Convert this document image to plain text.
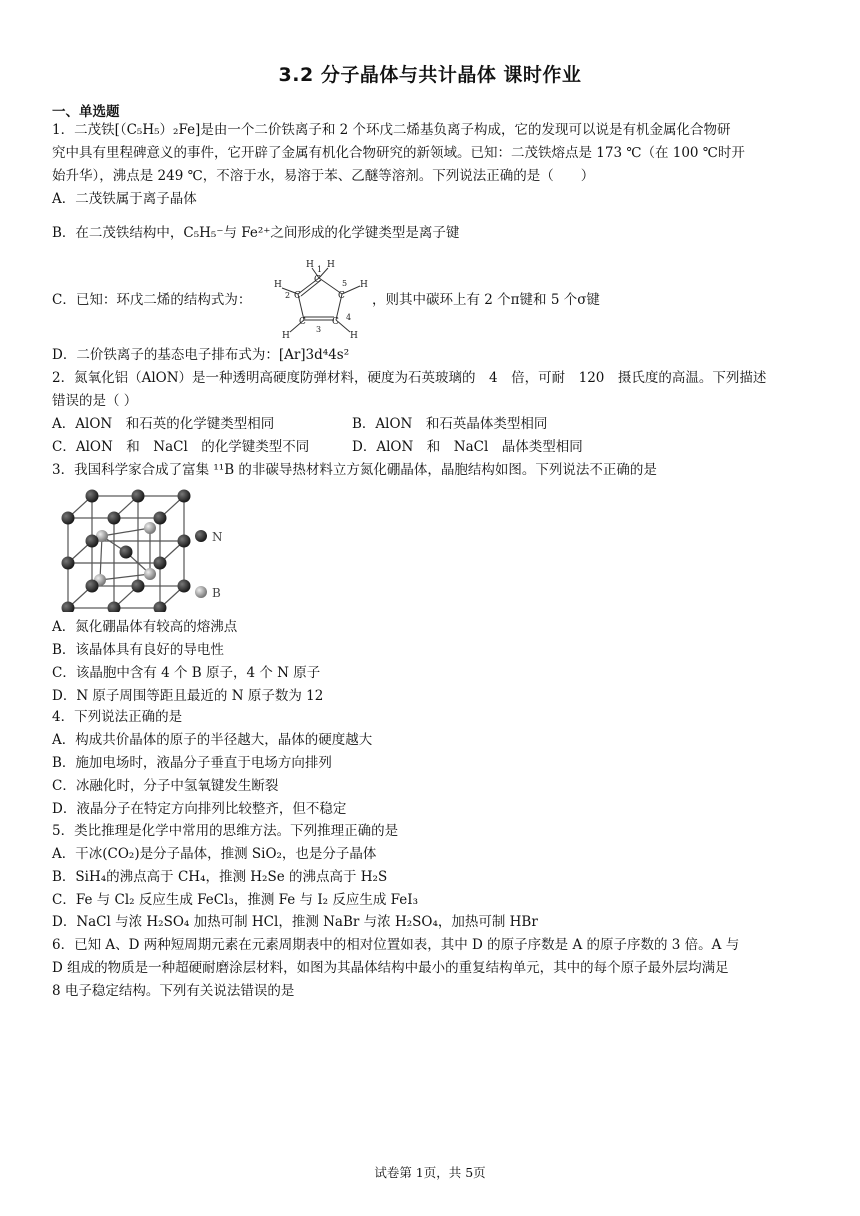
3.2 分子晶体与共计晶体 课时作业
一、单选题
1．二茂铁[（C₅H₅）₂Fe]是由一个二价铁离子和 2 个环戊二烯基负离子构成，它的发现可以说是有机金属化合物研
究中具有里程碑意义的事件，它开辟了金属有机化合物研究的新领域。已知：二茂铁熔点是 173 ℃（在 100 ℃时开
始升华），沸点是 249 ℃，不溶于水，易溶于苯、乙醚等溶剂。下列说法正确的是（　　）
A．二茂铁属于离子晶体
B．在二茂铁结构中，C₅H₅⁻与 Fe²⁺之间形成的化学键类型是离子键
C．已知：环戊二烯的结构式为：	，则其中碳环上有 2 个π键和 5 个σ键
C
C	C
C	C
H H
H	H
H	H
1
2
3
4
5
D．二价铁离子的基态电子排布式为：[Ar]3d⁴4s²
2．氮氧化铝（AlON）是一种透明高硬度防弹材料，硬度为石英玻璃的　4　倍，可耐　120　摄氏度的高温。下列描述
错误的是（ ）
A．AlON　和石英的化学键类型相同	B．AlON　和石英晶体类型相同
C．AlON　和　NaCl　的化学键类型不同	D．AlON　和　NaCl　晶体类型相同
3．我国科学家合成了富集 ¹¹B 的非碳导热材料立方氮化硼晶体，晶胞结构如图。下列说法不正确的是
N
B
A．氮化硼晶体有较高的熔沸点
B．该晶体具有良好的导电性
C．该晶胞中含有 4 个 B 原子，4 个 N 原子
D．N 原子周围等距且最近的 N 原子数为 12
4．下列说法正确的是
A．构成共价晶体的原子的半径越大，晶体的硬度越大
B．施加电场时，液晶分子垂直于电场方向排列
C．冰融化时，分子中氢氧键发生断裂
D．液晶分子在特定方向排列比较整齐，但不稳定
5．类比推理是化学中常用的思维方法。下列推理正确的是
A．干冰(CO₂)是分子晶体，推测 SiO₂，也是分子晶体
B．SiH₄的沸点高于 CH₄，推测 H₂Se 的沸点高于 H₂S
C．Fe 与 Cl₂ 反应生成 FeCl₃，推测 Fe 与 I₂ 反应生成 FeI₃
D．NaCl 与浓 H₂SO₄ 加热可制 HCl，推测 NaBr 与浓 H₂SO₄，加热可制 HBr
6．已知 A、D 两种短周期元素在元素周期表中的相对位置如表，其中 D 的原子序数是 A 的原子序数的 3 倍。A 与
D 组成的物质是一种超硬耐磨涂层材料，如图为其晶体结构中最小的重复结构单元，其中的每个原子最外层均满足
8 电子稳定结构。下列有关说法错误的是
试卷第 1页，共 5页
